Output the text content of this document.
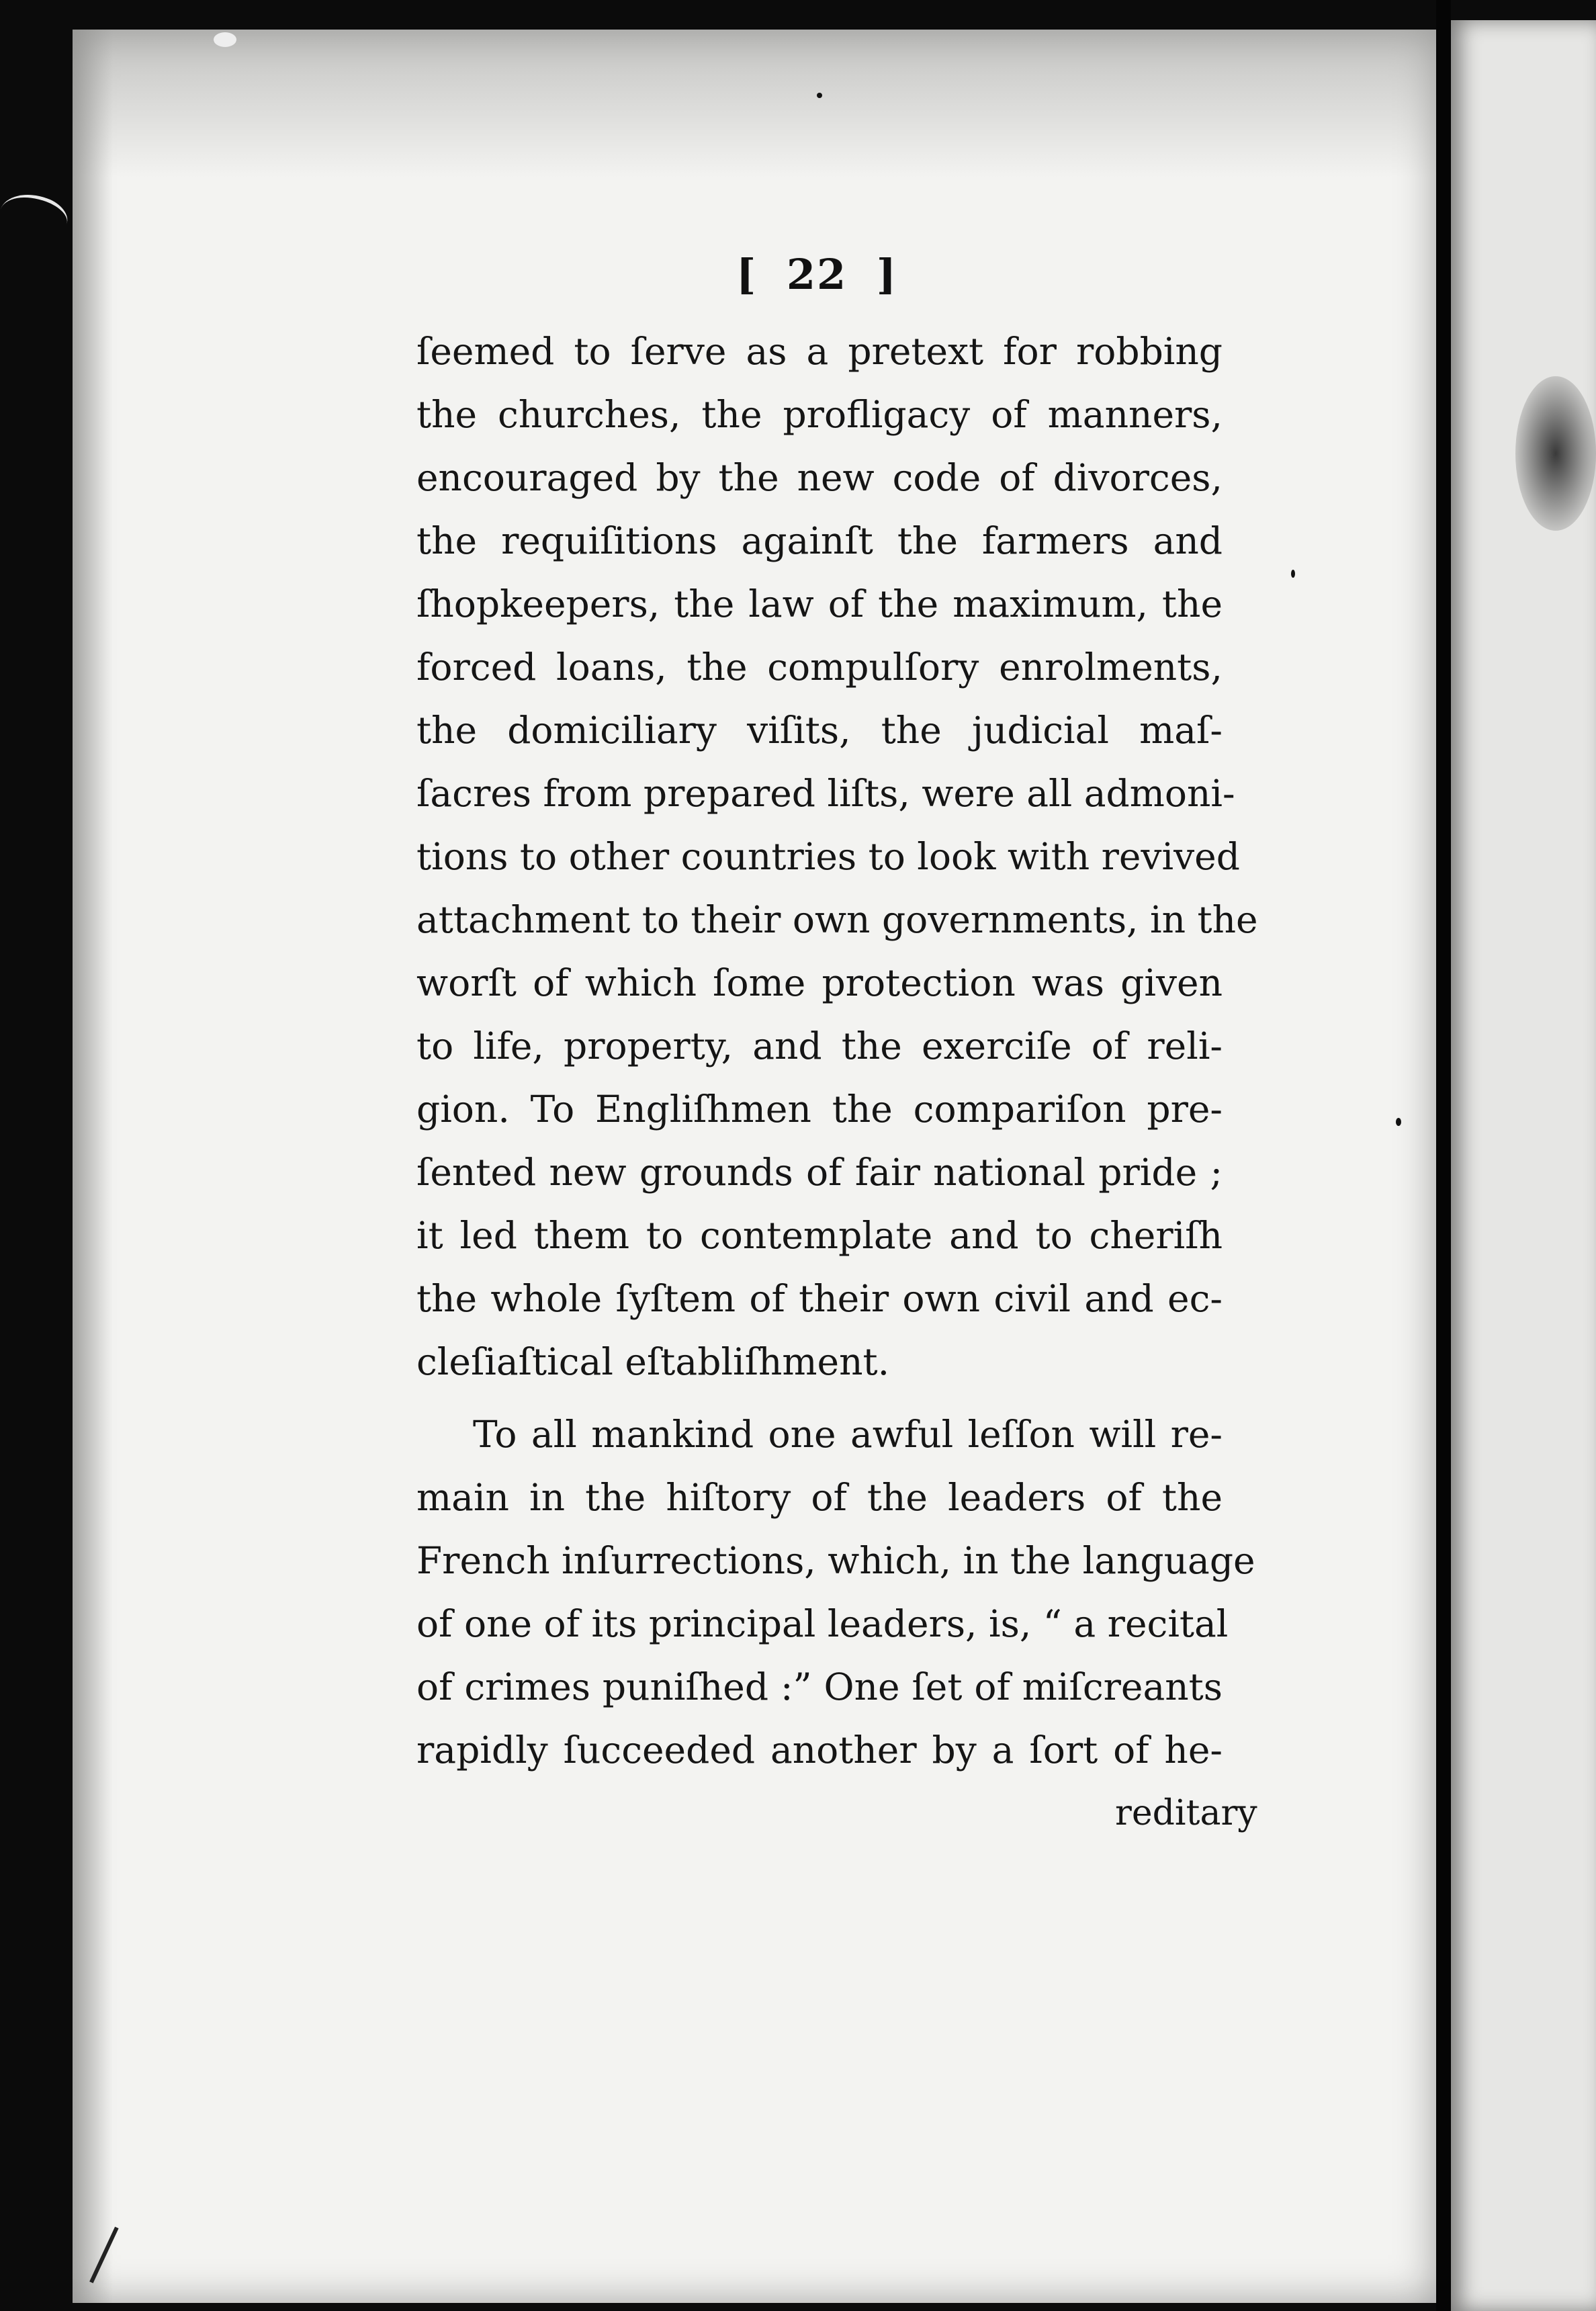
[ 22 ]
ſeemed to ſerve as a pretext for robbing
the churches, the profligacy of manners,
encouraged by the new code of divorces,
the requiſitions againſt the farmers and
ſhopkeepers, the law of the maximum, the
forced loans, the compulſory enrolments,
the domiciliary viſits, the judicial maſ-
ſacres from prepared liſts, were all admoni-
tions to other countries to look with revived
attachment to their own governments, in the
worſt of which ſome protection was given
to life, property, and the exerciſe of reli-
gion. To Engliſhmen the compariſon pre-
ſented new grounds of fair national pride ;
it led them to contemplate and to cheriſh
the whole ſyſtem of their own civil and ec-
cleſiaſtical eſtabliſhment.
To all mankind one awful leſſon will re-
main in the hiſtory of the leaders of the
French inſurrections, which, in the language
of one of its principal leaders, is, “ a recital
of crimes puniſhed :” One ſet of miſcreants
rapidly ſucceeded another by a ſort of he-
reditary
